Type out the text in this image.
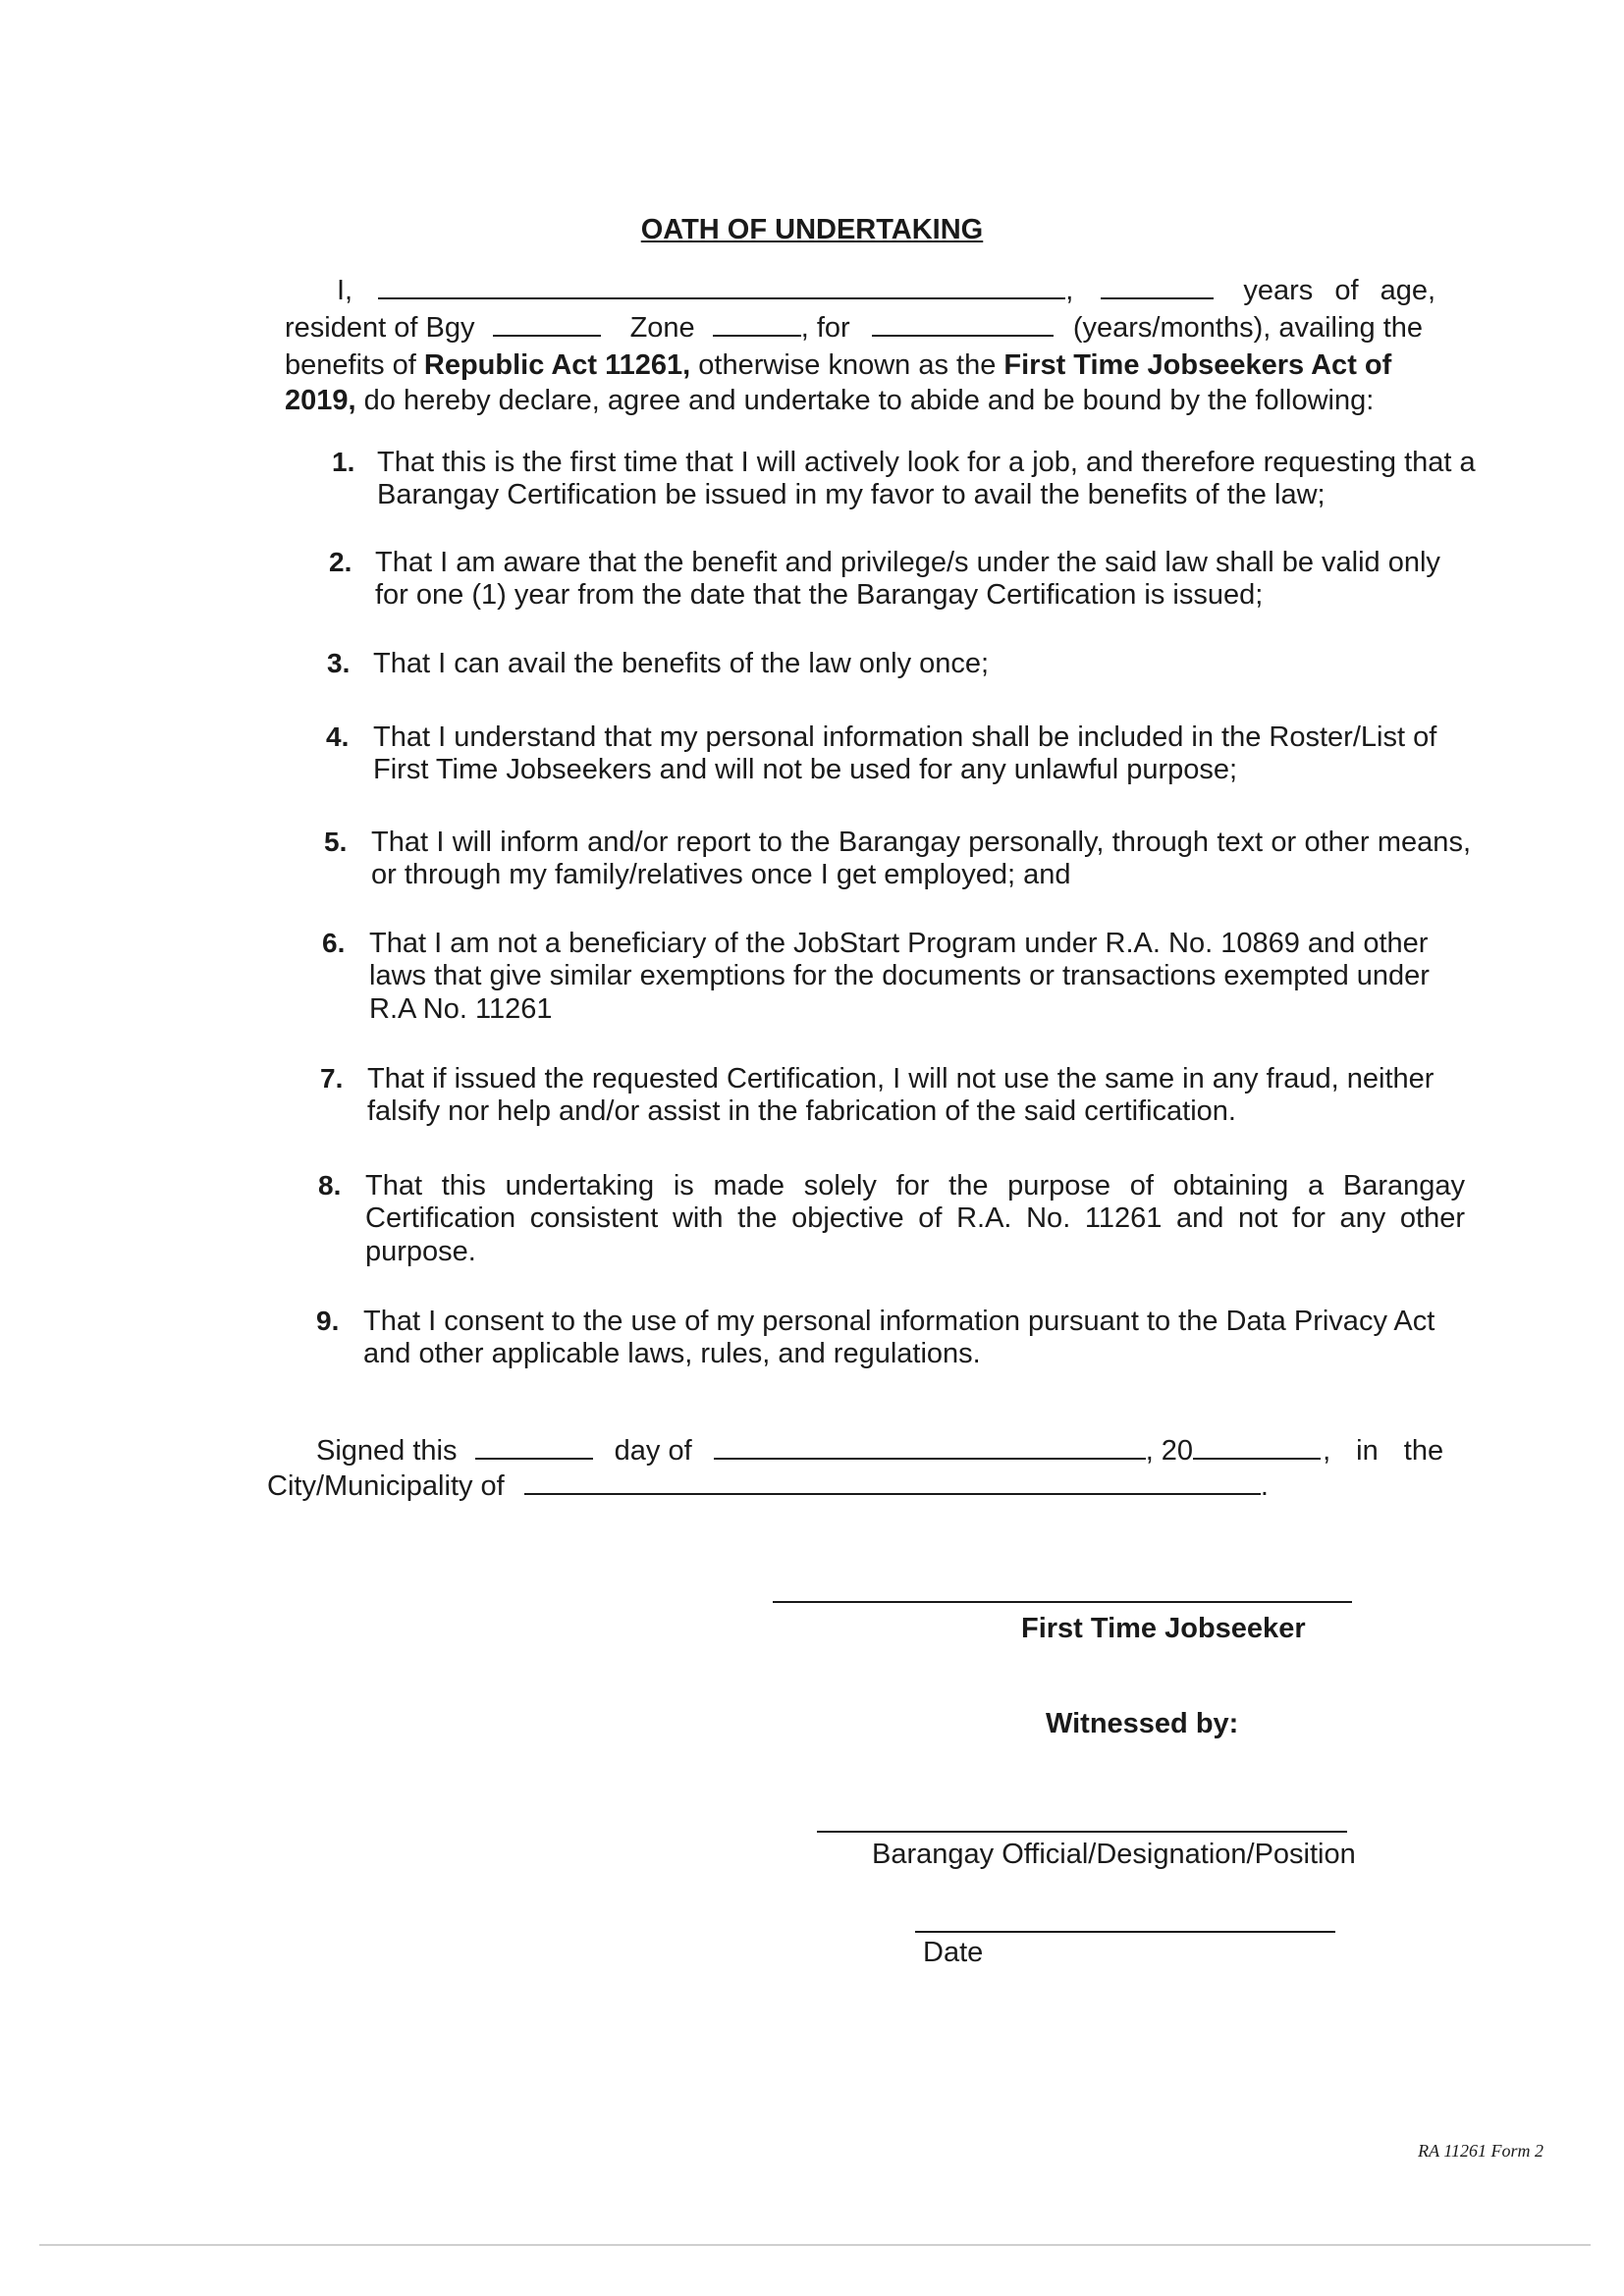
OATH OF UNDERTAKING
I,	,	years of age,
resident of Bgy	Zone	, for	(years/months), availing the
benefits of Republic Act 11261, otherwise known as the First Time Jobseekers Act of
2019, do hereby declare, agree and undertake to abide and be bound by the following:
1. That this is the first time that I will actively look for a job, and therefore requesting that a Barangay Certification be issued in my favor to avail the benefits of the law;
2. That I am aware that the benefit and privilege/s under the said law shall be valid only for one (1) year from the date that the Barangay Certification is issued;
3. That I can avail the benefits of the law only once;
4. That I understand that my personal information shall be included in the Roster/List of First Time Jobseekers and will not be used for any unlawful purpose;
5. That I will inform and/or report to the Barangay personally, through text or other means, or through my family/relatives once I get employed; and
6. That I am not a beneficiary of the JobStart Program under R.A. No. 10869 and other laws that give similar exemptions for the documents or transactions exempted under R.A No. 11261
7. That if issued the requested Certification, I will not use the same in any fraud, neither falsify nor help and/or assist in the fabrication of the said certification.
8. That this undertaking is made solely for the purpose of obtaining a Barangay Certification consistent with the objective of R.A. No. 11261 and not for any other purpose.
9. That I consent to the use of my personal information pursuant to the Data Privacy Act and other applicable laws, rules, and regulations.
Signed this	day of	, 20	, in the
City/Municipality of	.
First Time Jobseeker
Witnessed by:
Barangay Official/Designation/Position
Date
RA 11261 Form 2
